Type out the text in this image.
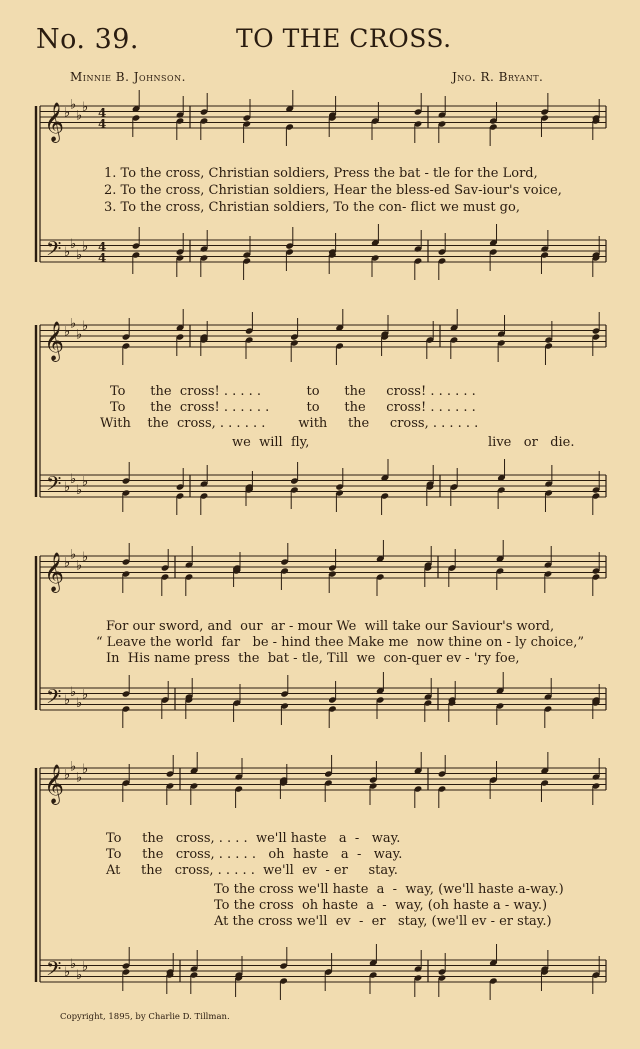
No. 39.	TO THE CROSS.
Minnie B. Johnson.	Jno. R. Bryant.
𝄞
𝄢
♭
♭
♭
♭
♭
♭
♭
♭
4
4
4
4
𝄞
𝄢
♭
♭
♭
♭
♭
♭
♭
♭
𝄞
𝄢
♭
♭
♭
♭
♭
♭
♭
♭
𝄞
𝄢
♭
♭
♭
♭
♭
♭
♭
♭
1. To the cross, Christian soldiers, Press the bat - tle for the Lord,
2. To the cross, Christian soldiers, Hear the bless-ed Sav-iour's voice,
3. To the cross, Christian soldiers, To the con- flict we must go,
To      the  cross! . . . . .           to      the     cross! . . . . . .
To      the  cross! . . . . . .         to      the     cross! . . . . . .
With    the  cross, . . . . . .        with     the     cross, . . . . . .
we  will  fly,	live   or   die.
For our sword, and  our  ar - mour We  will take our Saviour's word,
“ Leave the world  far   be - hind thee Make me  now thine on - ly choice,”
In  His name press  the  bat - tle, Till  we  con-quer ev - 'ry foe,
To     the   cross, . . . .  we'll haste   a  -   way.
To     the   cross, . . . . .   oh  haste   a  -   way.
At     the   cross, . . . . .  we'll  ev  - er     stay.
To the cross we'll haste  a  -  way, (we'll haste a-way.)
To the cross  oh haste  a  -  way, (oh haste a - way.)
At the cross we'll  ev  -  er   stay, (we'll ev - er stay.)
Copyright, 1895, by Charlie D. Tillman.
